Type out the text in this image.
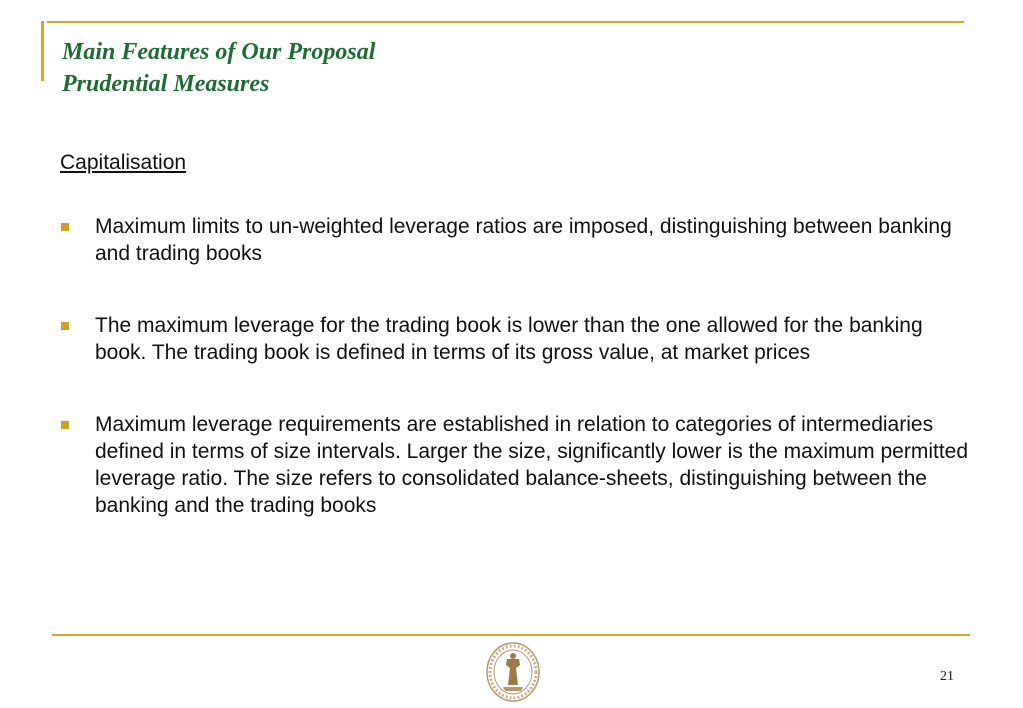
Main Features of Our Proposal
Prudential Measures
Capitalisation
Maximum limits to un-weighted leverage ratios are imposed, distinguishing between banking and trading books
The maximum leverage for the trading book is lower than the one allowed for the banking book. The trading book is defined in terms of its gross value, at market prices
Maximum leverage requirements are established in relation to categories of intermediaries defined in terms of size intervals. Larger the size, significantly lower is the maximum permitted leverage ratio. The size refers to consolidated balance-sheets, distinguishing between the banking and the trading books
21
